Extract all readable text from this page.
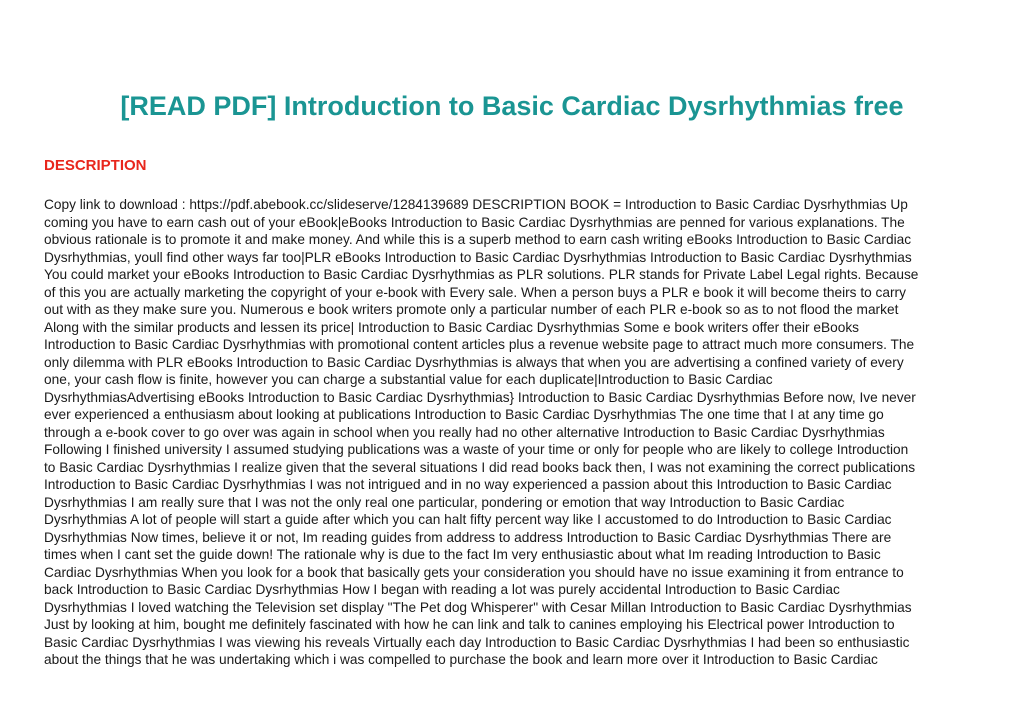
[READ PDF] Introduction to Basic Cardiac Dysrhythmias free
DESCRIPTION
Copy link to download : https://pdf.abebook.cc/slideserve/1284139689 DESCRIPTION BOOK = Introduction to Basic Cardiac Dysrhythmias Up
coming you have to earn cash out of your eBook|eBooks Introduction to Basic Cardiac Dysrhythmias are penned for various explanations. The
obvious rationale is to promote it and make money. And while this is a superb method to earn cash writing eBooks Introduction to Basic Cardiac
Dysrhythmias, youll find other ways far too|PLR eBooks Introduction to Basic Cardiac Dysrhythmias Introduction to Basic Cardiac Dysrhythmias
You could market your eBooks Introduction to Basic Cardiac Dysrhythmias as PLR solutions. PLR stands for Private Label Legal rights. Because
of this you are actually marketing the copyright of your e-book with Every sale. When a person buys a PLR e book it will become theirs to carry
out with as they make sure you. Numerous e book writers promote only a particular number of each PLR e-book so as to not flood the market
Along with the similar products and lessen its price| Introduction to Basic Cardiac Dysrhythmias Some e book writers offer their eBooks
Introduction to Basic Cardiac Dysrhythmias with promotional content articles plus a revenue website page to attract much more consumers. The
only dilemma with PLR eBooks Introduction to Basic Cardiac Dysrhythmias is always that when you are advertising a confined variety of every
one, your cash flow is finite, however you can charge a substantial value for each duplicate|Introduction to Basic Cardiac
DysrhythmiasAdvertising eBooks Introduction to Basic Cardiac Dysrhythmias} Introduction to Basic Cardiac Dysrhythmias Before now, Ive never
ever experienced a enthusiasm about looking at publications Introduction to Basic Cardiac Dysrhythmias The one time that I at any time go
through a e-book cover to go over was again in school when you really had no other alternative Introduction to Basic Cardiac Dysrhythmias
Following I finished university I assumed studying publications was a waste of your time or only for people who are likely to college Introduction
to Basic Cardiac Dysrhythmias I realize given that the several situations I did read books back then, I was not examining the correct publications
Introduction to Basic Cardiac Dysrhythmias I was not intrigued and in no way experienced a passion about this Introduction to Basic Cardiac
Dysrhythmias I am really sure that I was not the only real one particular, pondering or emotion that way Introduction to Basic Cardiac
Dysrhythmias A lot of people will start a guide after which you can halt fifty percent way like I accustomed to do Introduction to Basic Cardiac
Dysrhythmias Now times, believe it or not, Im reading guides from address to address Introduction to Basic Cardiac Dysrhythmias There are
times when I cant set the guide down! The rationale why is due to the fact Im very enthusiastic about what Im reading Introduction to Basic
Cardiac Dysrhythmias When you look for a book that basically gets your consideration you should have no issue examining it from entrance to
back Introduction to Basic Cardiac Dysrhythmias How I began with reading a lot was purely accidental Introduction to Basic Cardiac
Dysrhythmias I loved watching the Television set display "The Pet dog Whisperer" with Cesar Millan Introduction to Basic Cardiac Dysrhythmias
Just by looking at him, bought me definitely fascinated with how he can link and talk to canines employing his Electrical power Introduction to
Basic Cardiac Dysrhythmias I was viewing his reveals Virtually each day Introduction to Basic Cardiac Dysrhythmias I had been so enthusiastic
about the things that he was undertaking which i was compelled to purchase the book and learn more over it Introduction to Basic Cardiac
